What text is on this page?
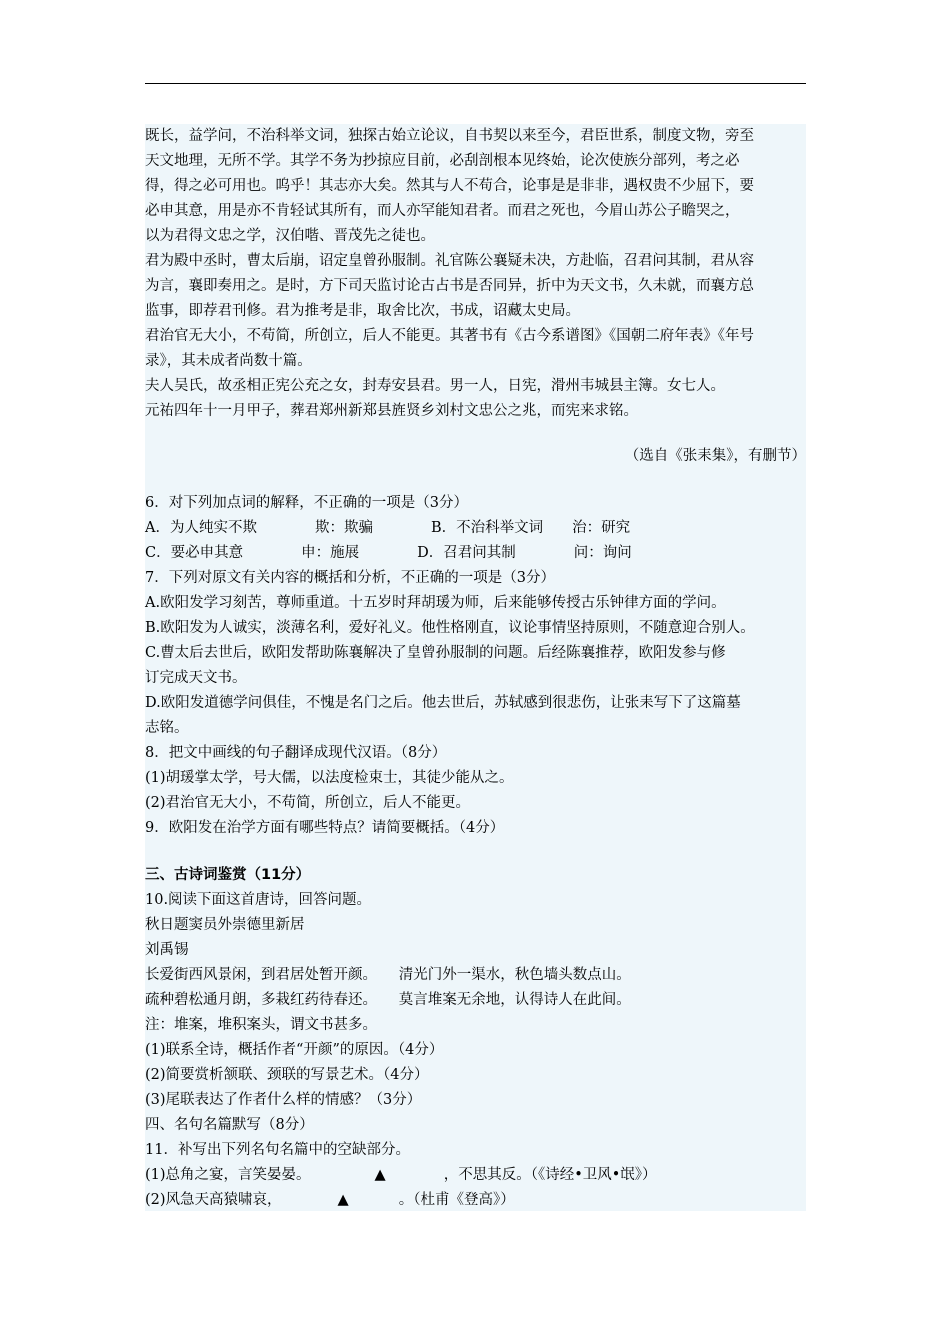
既长，益学问，不治科举文词，独探古始立论议，自书契以来至今，君臣世系，制度文物，旁至
天文地理，无所不学。其学不务为抄掠应目前，必刮剖根本见终始，论次使族分部列，考之必
得，得之必可用也。呜乎！其志亦大矣。然其与人不苟合，论事是是非非，遇权贵不少屈下，要
必申其意，用是亦不肯轻试其所有，而人亦罕能知君者。而君之死也，今眉山苏公子瞻哭之，
以为君得文忠之学，汉伯喈、晋茂先之徒也。
君为殿中丞时，曹太后崩，诏定皇曾孙服制。礼官陈公襄疑未决，方赴临，召君问其制，君从容
为言，襄即奏用之。是时，方下司天监讨论古占书是否同异，折中为天文书，久未就，而襄方总
监事，即荐君刊修。君为推考是非，取舍比次，书成，诏藏太史局。
君治官无大小，不苟简，所创立，后人不能更。其著书有《古今系谱图》《国朝二府年表》《年号
录》，其未成者尚数十篇。
夫人吴氏，故丞相正宪公充之女，封寿安县君。男一人，日宪，滑州韦城县主簿。女七人。
元祐四年十一月甲子，葬君郑州新郑县旌贤乡刘村文忠公之兆，而宪来求铭。
（选自《张耒集》，有删节）
6．对下列加点词的解释，不正确的一项是（3分）
A．为人纯实不欺　　　　欺：欺骗　　　　B．不治科举文词　　治：研究
C．要必申其意　　　　申：施展　　　　D．召君问其制　　　　问：询问
7．下列对原文有关内容的概括和分析，不正确的一项是（3分）
A.欧阳发学习刻苦，尊师重道。十五岁时拜胡瑗为师，后来能够传授古乐钟律方面的学问。
B.欧阳发为人诚实，淡薄名利，爱好礼义。他性格刚直，议论事情坚持原则，不随意迎合别人。
C.曹太后去世后，欧阳发帮助陈襄解决了皇曾孙服制的问题。后经陈襄推荐，欧阳发参与修
订完成天文书。
D.欧阳发道德学问俱佳，不愧是名门之后。他去世后，苏轼感到很悲伤，让张耒写下了这篇墓
志铭。
8．把文中画线的句子翻译成现代汉语。（8分）
(1)胡瑗掌太学，号大儒，以法度检束士，其徒少能从之。
(2)君治官无大小，不苟简，所创立，后人不能更。
9．欧阳发在治学方面有哪些特点？请简要概括。（4分）
三、古诗词鉴赏（11分）
10.阅读下面这首唐诗，回答问题。
秋日题窦员外崇德里新居
刘禹锡
长爱街西风景闲，到君居处暂开颜。　　清光门外一渠水，秋色墙头数点山。
疏种碧松通月朗，多栽红药待春还。　　莫言堆案无余地，认得诗人在此间。
注：堆案，堆积案头，谓文书甚多。
(1)联系全诗，概括作者“开颜”的原因。（4分）
(2)简要赏析颔联、颈联的写景艺术。（4分）
(3)尾联表达了作者什么样的情感？（3分）
四、名句名篇默写（8分）
11．补写出下列名句名篇中的空缺部分。
(1)总角之宴，言笑晏晏。	▲	，不思其反。（《诗经•卫风•氓》）
(2)风急天高猿啸哀，	▲	。（杜甫《登高》）
